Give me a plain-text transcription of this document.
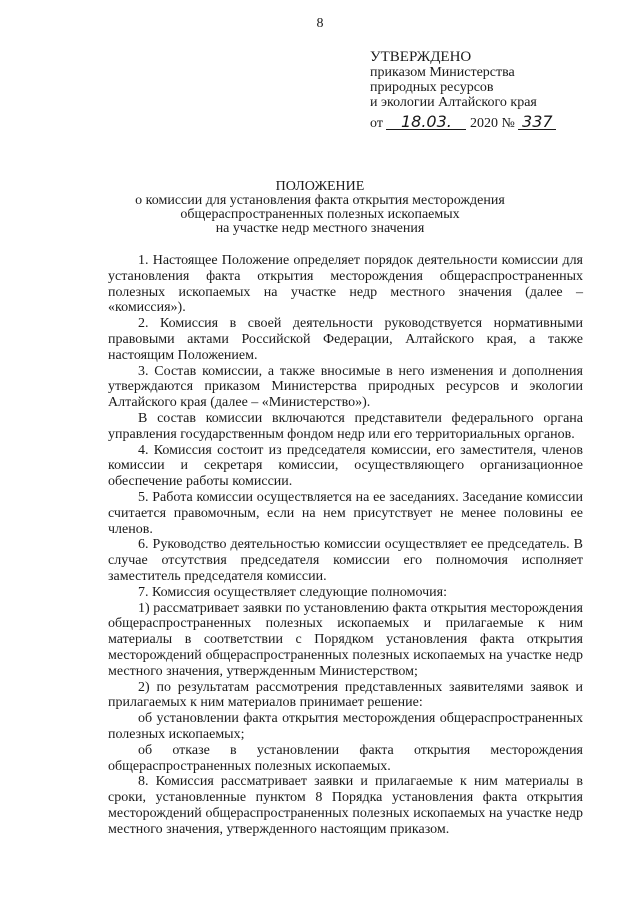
8
УТВЕРЖДЕНО
приказом Министерства
природных ресурсов
и экологии Алтайского края
от 18.03. 2020 № 337
ПОЛОЖЕНИЕ
о комиссии для установления факта открытия месторождения
общераспространенных полезных ископаемых
на участке недр местного значения

1. Настоящее Положение определяет порядок деятельности комиссии для установления факта открытия месторождения общераспространенных полезных ископаемых на участке недр местного значения (далее – «комиссия»).

2. Комиссия в своей деятельности руководствуется нормативными правовыми актами Российской Федерации, Алтайского края, а также настоящим Положением.

3. Состав комиссии, а также вносимые в него изменения и дополнения утверждаются приказом Министерства природных ресурсов и экологии Алтайского края (далее – «Министерство»).

В состав комиссии включаются представители федерального органа управления государственным фондом недр или его территориальных органов.

4. Комиссия состоит из председателя комиссии, его заместителя, членов комиссии и секретаря комиссии, осуществляющего организационное обеспечение работы комиссии.

5. Работа комиссии осуществляется на ее заседаниях. Заседание комиссии считается правомочным, если на нем присутствует не менее половины ее членов.

6. Руководство деятельностью комиссии осуществляет ее председатель. В случае отсутствия председателя комиссии его полномочия исполняет заместитель председателя комиссии.

7. Комиссия осуществляет следующие полномочия:

1) рассматривает заявки по установлению факта открытия месторождения общераспространенных полезных ископаемых и прилагаемые к ним материалы в соответствии с Порядком установления факта открытия месторождений общераспространенных полезных ископаемых на участке недр местного значения, утвержденным Министерством;

2) по результатам рассмотрения представленных заявителями заявок и прилагаемых к ним материалов принимает решение:

об установлении факта открытия месторождения общераспространенных полезных ископаемых;

об отказе в установлении факта открытия месторождения общераспространенных полезных ископаемых.

8. Комиссия рассматривает заявки и прилагаемые к ним материалы в сроки, установленные пунктом 8 Порядка установления факта открытия месторождений общераспространенных полезных ископаемых на участке недр местного значения, утвержденного настоящим приказом.
